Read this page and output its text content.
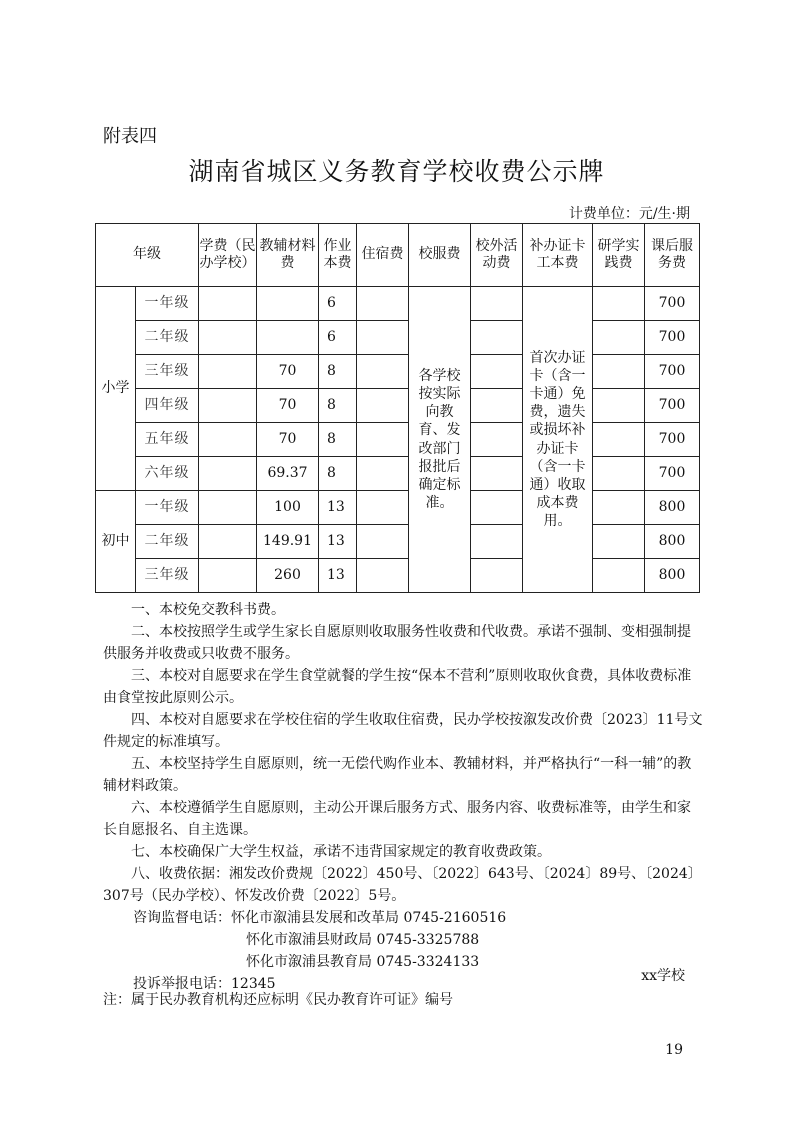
附表四
湖南省城区义务教育学校收费公示牌
计费单位：元/生·期
年级		学费（民办学校）	教辅材料费	作业本费	住宿费	校服费	校外活动费	补办证卡工本费	研学实践费	课后服务费
小学	一年级			6		各学校按实际向教育、发改部门报批后确定标准。		首次办证卡（含一卡通）免费，遗失或损坏补办证卡（含一卡通）收取成本费用。		700
	二年级			6						700
	三年级		70	8						700
	四年级		70	8						700
	五年级		70	8						700
	六年级		69.37	8						700
初中	一年级		100	13						800
	二年级		149.91	13						800
	三年级		260	13						800

一、本校免交教科书费。

二、本校按照学生或学生家长自愿原则收取服务性收费和代收费。承诺不强制、变相强制提供服务并收费或只收费不服务。

三、本校对自愿要求在学生食堂就餐的学生按“保本不营利”原则收取伙食费，具体收费标准由食堂按此原则公示。

四、本校对自愿要求在学校住宿的学生收取住宿费，民办学校按溆发改价费〔2023〕11号文件规定的标准填写。

五、本校坚持学生自愿原则，统一无偿代购作业本、教辅材料，并严格执行“一科一辅”的教辅材料政策。

六、本校遵循学生自愿原则，主动公开课后服务方式、服务内容、收费标准等，由学生和家长自愿报名、自主选课。

七、本校确保广大学生权益，承诺不违背国家规定的教育收费政策。

八、收费依据：湘发改价费规〔2022〕450号、〔2022〕643号、〔2024〕89号、〔2024〕307号（民办学校）、怀发改价费〔2022〕5号。

咨询监督电话：怀化市溆浦县发展和改革局 0745-2160516

怀化市溆浦县财政局 0745-3325788

怀化市溆浦县教育局 0745-3324133

投诉举报电话：12345	xx学校
注：属于民办教育机构还应标明《民办教育许可证》编号
19
